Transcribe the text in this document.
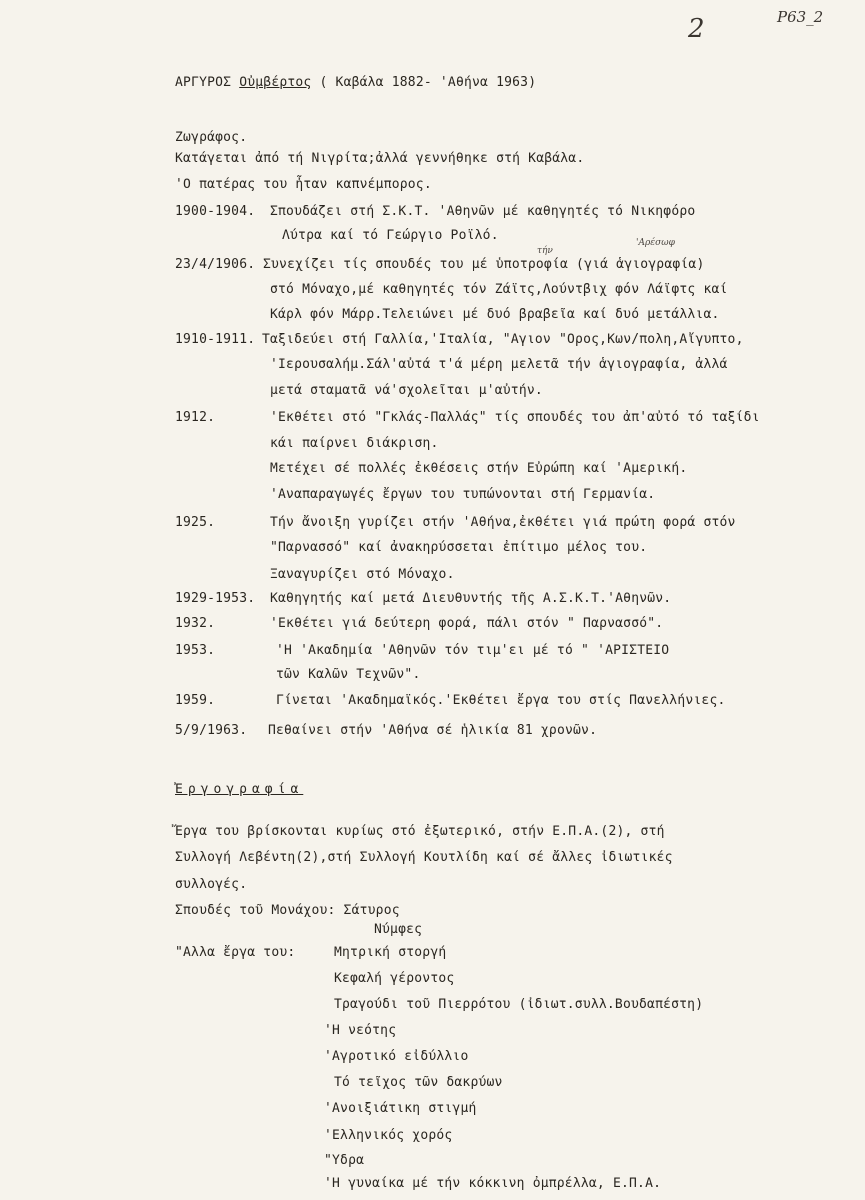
2	P63_2
ΑΡΓΥΡΟΣ Οὐμβέρτος ( Καβάλα 1882- 'Αθήνα 1963)
Ζωγράφος.
Κατάγεται ἀπό τή Νιγρίτα;ἀλλά γεννήθηκε στή Καβάλα.
'Ο πατέρας του ἦταν καπνέμπορος.
1900-1904. Σπουδάζει στή Σ.Κ.Τ. 'Αθηνῶν μέ καθηγητές τό Νικηφόρο
Λύτρα καί τό Γεώργιο Ροϊλό.
τήν
'Αρέσωφ
23/4/1906. Συνεχίζει τίς σπουδές του μέ ὑποτροφία (γιά ἁγιογραφία)
στό Μόναχο,μέ καθηγητές τόν Ζάϊτς,Λούντβιχ φόν Λάϊφτς καί
Κάρλ φόν Μάρρ.Τελειώνει μέ δυό βραβεῖα καί δυό μετάλλια.
1910-1911. Ταξιδεύει στή Γαλλία,'Ιταλία, "Αγιον "Ορος,Κων/πολη,Αἴγυπτο,
'Ιερουσαλήμ.Σάλ'αὐτά τ'ά μέρη μελετᾶ τήν ἁγιογραφία, ἀλλά
μετά σταματᾶ νά'σχολεῖται μ'αὐτήν.
1912.	'Εκθέτει στό "Γκλάς-Παλλάς" τίς σπουδές του ἀπ'αὐτό τό ταξίδι
κάι παίρνει διάκριση.
Μετέχει σέ πολλές ἐκθέσεις στήν Εὐρώπη καί 'Αμερική.
'Αναπαραγωγές ἔργων του τυπώνονται στή Γερμανία.
1925.	Τήν ἄνοιξη γυρίζει στήν 'Αθήνα,ἐκθέτει γιά πρώτη φορά στόν
"Παρνασσό" καί ἀνακηρύσσεται ἐπίτιμο μέλος του.
Ξαναγυρίζει στό Μόναχο.
1929-1953. Καθηγητής καί μετά Διευθυντής τῆς Α.Σ.Κ.Τ.'Αθηνῶν.
1932.	'Εκθέτει γιά δεύτερη φορά, πάλι στόν " Παρνασσό".
1953.	'Η 'Ακαδημία 'Αθηνῶν τόν τιμ'ει μέ τό " 'ΑΡΙΣΤΕΙΟ
τῶν Καλῶν Τεχνῶν".
1959.	Γίνεται 'Ακαδημαϊκός.'Εκθέτει ἔργα του στίς Πανελλήνιες.
5/9/1963. Πεθαίνει στήν 'Αθήνα σέ ἡλικία 81 χρονῶν.
Ἐργογραφία
Ἔργα του βρίσκονται κυρίως στό ἐξωτερικό, στήν Ε.Π.Α.(2), στή
Συλλογή Λεβέντη(2),στή Συλλογή Κουτλίδη καί σέ ἄλλες ἰδιωτικές
συλλογές.
Σπουδές τοῦ Μονάχου: Σάτυρος
Νύμφες
"Αλλα ἔργα του:	Μητρική στοργή
Κεφαλή γέροντος
Τραγούδι τοῦ Πιερρότου (ἰδιωτ.συλλ.Βουδαπέστη)
'Η νεότης
'Αγροτικό εἰδύλλιο
Τό τεῖχος τῶν δακρύων
'Ανοιξιάτικη στιγμή
'Ελληνικός χορός
"Υδρα
'Η γυναίκα μέ τήν κόκκινη ὀμπρέλλα, Ε.Π.Α.
